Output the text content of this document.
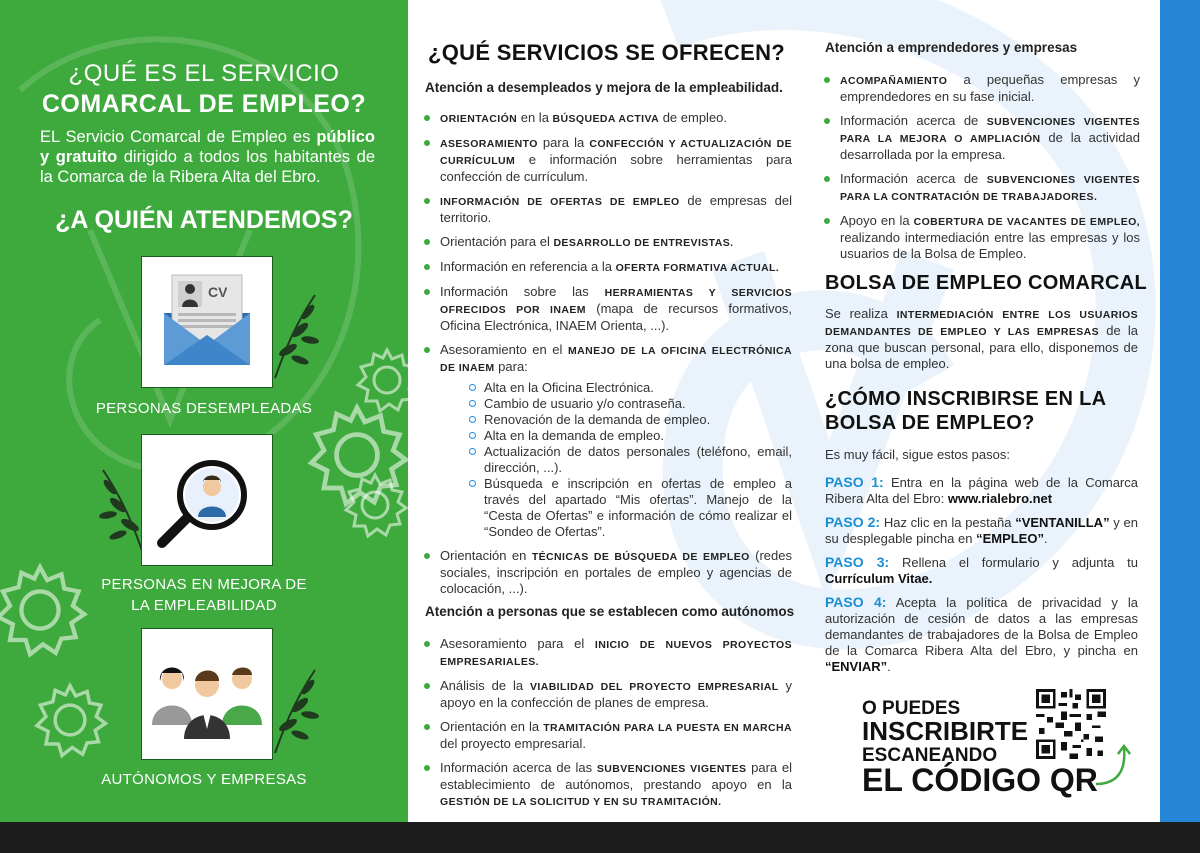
¿QUÉ ES EL SERVICIO
COMARCAL DE EMPLEO?
EL Servicio Comarcal de Empleo es público y gratuito dirigido a todos los habitantes de la Comarca de la Ribera Alta del Ebro.
¿A QUIÉN ATENDEMOS?
CV
PERSONAS DESEMPLEADAS
PERSONAS EN MEJORA DE
LA EMPLEABILIDAD
AUTÓNOMOS Y EMPRESAS
¿QUÉ SERVICIOS SE OFRECEN?
Atención a desempleados y mejora de la empleabilidad.
ORIENTACIÓN en la BÚSQUEDA ACTIVA de empleo.
ASESORAMIENTO para la CONFECCIÓN Y ACTUALIZACIÓN DE CURRÍCULUM e información sobre herramientas para confección de currículum.
INFORMACIÓN DE OFERTAS DE EMPLEO de empresas del territorio.
Orientación para el DESARROLLO DE ENTREVISTAS.
Información en referencia a la OFERTA FORMATIVA ACTUAL.
Información sobre las HERRAMIENTAS Y SERVICIOS OFRECIDOS POR INAEM (mapa de recursos formativos, Oficina Electrónica, INAEM Orienta, ...).
Asesoramiento en el MANEJO DE LA OFICINA ELECTRÓNICA DE INAEM para:
Alta en la Oficina Electrónica.
Cambio de usuario y/o contraseña.
Renovación de la demanda de empleo.
Alta en la demanda de empleo.
Actualización de datos personales (teléfono, email, dirección, ...).
Búsqueda e inscripción en ofertas de empleo a través del apartado “Mis ofertas”. Manejo de la “Cesta de Ofertas” e información de cómo realizar el “Sondeo de Ofertas”.
Orientación en TÉCNICAS DE BÚSQUEDA DE EMPLEO (redes sociales, inscripción en portales de empleo y agencias de colocación, ...).
Atención a personas que se establecen como autónomos
Asesoramiento para el INICIO DE NUEVOS PROYECTOS EMPRESARIALES.
Análisis de la VIABILIDAD DEL PROYECTO EMPRESARIAL y apoyo en la confección de planes de empresa.
Orientación en la TRAMITACIÓN PARA LA PUESTA EN MARCHA del proyecto empresarial.
Información acerca de las SUBVENCIONES VIGENTES para el establecimiento de autónomos, prestando apoyo en la GESTIÓN DE LA SOLICITUD Y EN SU TRAMITACIÓN.
Atención a emprendedores y empresas
ACOMPAÑAMIENTO a pequeñas empresas y emprendedores en su fase inicial.
Información acerca de SUBVENCIONES VIGENTES PARA LA MEJORA O AMPLIACIÓN de la actividad desarrollada por la empresa.
Información acerca de SUBVENCIONES VIGENTES PARA LA CONTRATACIÓN DE TRABAJADORES.
Apoyo en la COBERTURA DE VACANTES DE EMPLEO, realizando intermediación entre las empresas y los usuarios de la Bolsa de Empleo.
BOLSA DE EMPLEO COMARCAL
Se realiza INTERMEDIACIÓN ENTRE LOS USUARIOS DEMANDANTES DE EMPLEO Y LAS EMPRESAS de la zona que buscan personal, para ello, disponemos de una bolsa de empleo.
¿CÓMO INSCRIBIRSE EN LA
BOLSA DE EMPLEO?
Es muy fácil, sigue estos pasos:
PASO 1: Entra en la página web de la Comarca Ribera Alta del Ebro: www.rialebro.net
PASO 2: Haz clic en la pestaña “VENTANILLA” y en su desplegable pincha en “EMPLEO”.
PASO 3: Rellena el formulario y adjunta tu Currículum Vitae.
PASO 4: Acepta la política de privacidad y la autorización de cesión de datos a las empresas demandantes de trabajadores de la Bolsa de Empleo de la Comarca Ribera Alta del Ebro, y pincha en “ENVIAR”.
O PUEDES
INSCRIBIRTE
ESCANEANDO
EL CÓDIGO QR
